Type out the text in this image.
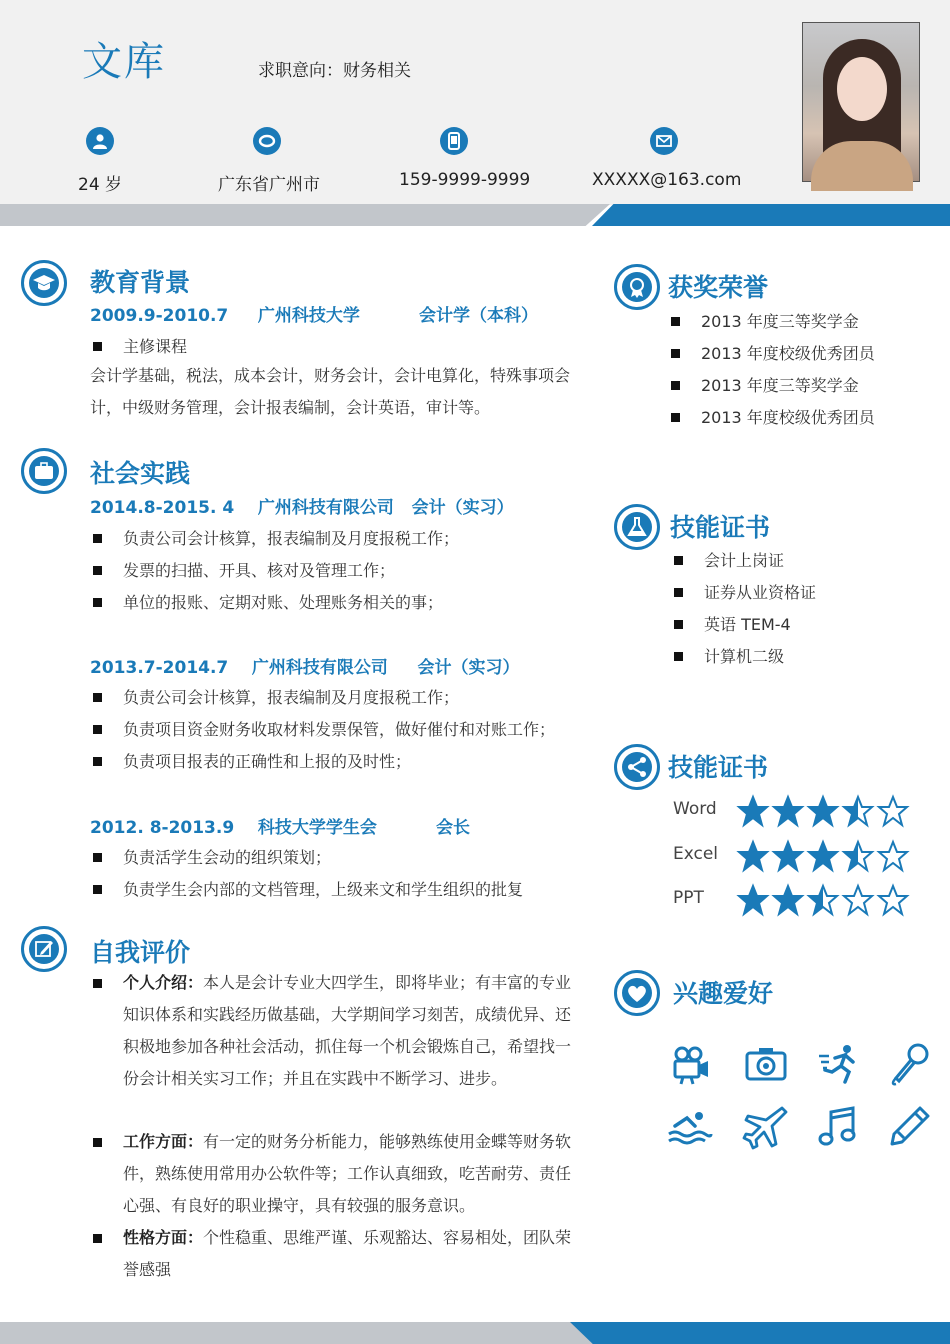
文库	求职意向：财务相关
24 岁	广东省广州市	159-9999-9999	XXXXX@163.com
教育背景
2009.9-2010.7     广州科技大学          会计学（本科）
主修课程
会计学基础，税法，成本会计，财务会计，会计电算化，特殊事项会计，中级财务管理，会计报表编制，会计英语，审计等。
社会实践
2014.8-2015. 4    广州科技有限公司   会计（实习）
负责公司会计核算，报表编制及月度报税工作；
发票的扫描、开具、核对及管理工作；
单位的报账、定期对账、处理账务相关的事；
2013.7-2014.7    广州科技有限公司     会计（实习）
负责公司会计核算，报表编制及月度报税工作；
负责项目资金财务收取材料发票保管，做好催付和对账工作；
负责项目报表的正确性和上报的及时性；
2012. 8-2013.9    科技大学学生会          会长
负责活学生会动的组织策划；
负责学生会内部的文档管理，上级来文和学生组织的批复
自我评价
个人介绍：本人是会计专业大四学生，即将毕业；有丰富的专业知识体系和实践经历做基础，大学期间学习刻苦，成绩优异、还积极地参加各种社会活动，抓住每一个机会锻炼自己，希望找一份会计相关实习工作；并且在实践中不断学习、进步。
工作方面：有一定的财务分析能力，能够熟练使用金蝶等财务软件，熟练使用常用办公软件等；工作认真细致，吃苦耐劳、责任心强、有良好的职业操守，具有较强的服务意识。
性格方面：个性稳重、思维严谨、乐观豁达、容易相处，团队荣誉感强
获奖荣誉
2013 年度三等奖学金
2013 年度校级优秀团员
2013 年度三等奖学金
2013 年度校级优秀团员
技能证书
会计上岗证
证券从业资格证
英语 TEM-4
计算机二级
技能证书
Word
Excel
PPT
兴趣爱好
